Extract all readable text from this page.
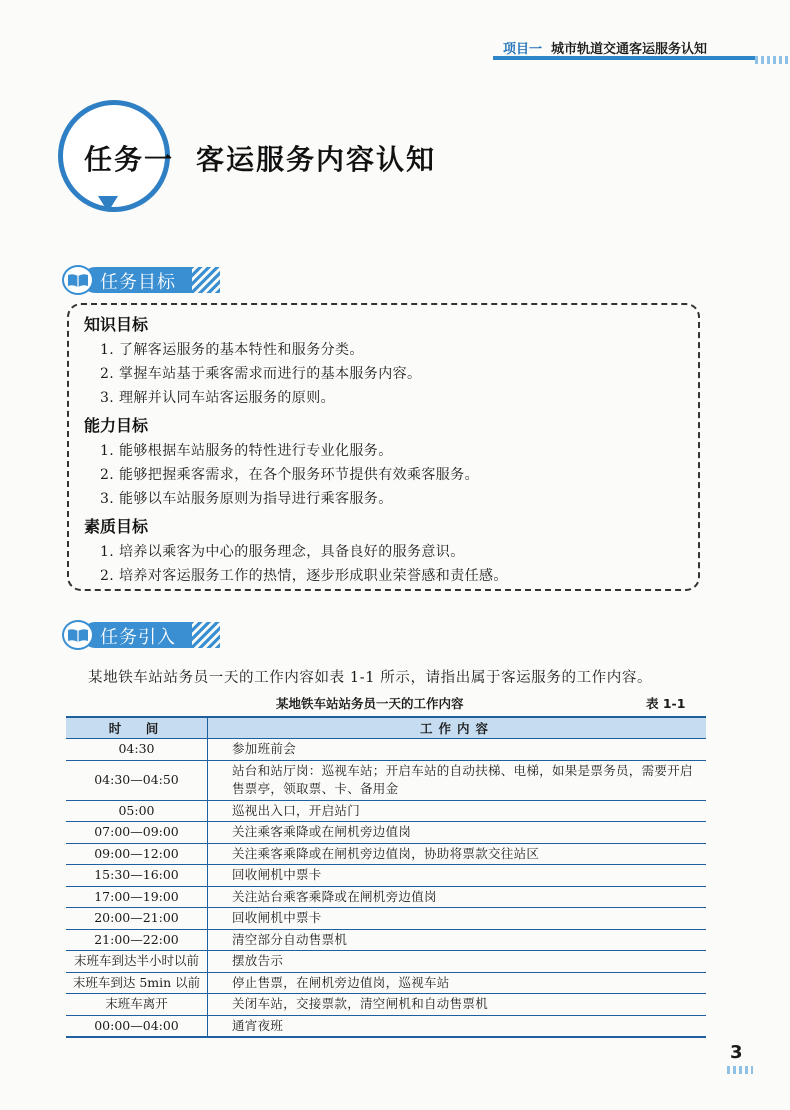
项目一 城市轨道交通客运服务认知
任务一 客运服务内容认知
任务目标
知识目标
1. 了解客运服务的基本特性和服务分类。
2. 掌握车站基于乘客需求而进行的基本服务内容。
3. 理解并认同车站客运服务的原则。
能力目标
1. 能够根据车站服务的特性进行专业化服务。
2. 能够把握乘客需求，在各个服务环节提供有效乘客服务。
3. 能够以车站服务原则为指导进行乘客服务。
素质目标
1. 培养以乘客为中心的服务理念，具备良好的服务意识。
2. 培养对客运服务工作的热情，逐步形成职业荣誉感和责任感。
任务引入
某地铁车站站务员一天的工作内容如表 1-1 所示，请指出属于客运服务的工作内容。
某地铁车站站务员一天的工作内容	表 1-1
时　间	工作内容
04:30	参加班前会
04:30—04:50	站台和站厅岗：巡视车站；开启车站的自动扶梯、电梯，如果是票务员，需要开启售票亭，领取票、卡、备用金
05:00	巡视出入口，开启站门
07:00—09:00	关注乘客乘降或在闸机旁边值岗
09:00—12:00	关注乘客乘降或在闸机旁边值岗，协助将票款交往站区
15:30—16:00	回收闸机中票卡
17:00—19:00	关注站台乘客乘降或在闸机旁边值岗
20:00—21:00	回收闸机中票卡
21:00—22:00	清空部分自动售票机
末班车到达半小时以前	摆放告示
末班车到达 5min 以前	停止售票，在闸机旁边值岗，巡视车站
末班车离开	关闭车站，交接票款，清空闸机和自动售票机
00:00—04:00	通宵夜班
3
